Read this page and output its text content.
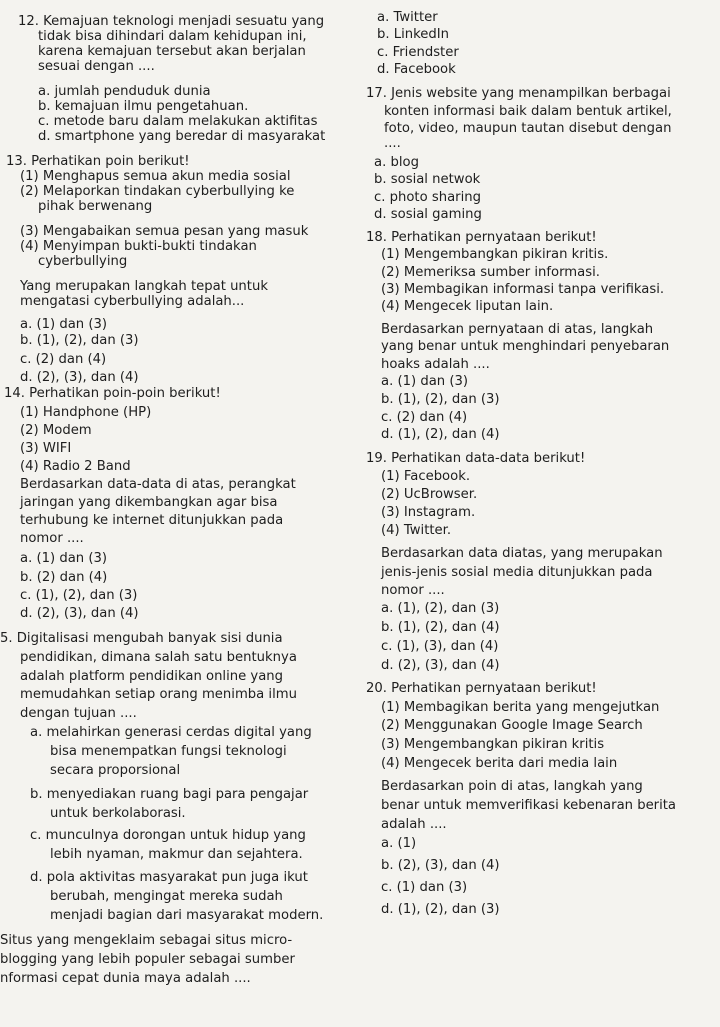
12. Kemajuan teknologi menjadi sesuatu yang
tidak bisa dihindari dalam kehidupan ini,
karena kemajuan tersebut akan berjalan
sesuai dengan ....
a. jumlah penduduk dunia
b. kemajuan ilmu pengetahuan.
c. metode baru dalam melakukan aktifitas
d. smartphone yang beredar di masyarakat
13. Perhatikan poin berikut!
(1) Menghapus semua akun media sosial
(2) Melaporkan tindakan cyberbullying ke
pihak berwenang
(3) Mengabaikan semua pesan yang masuk
(4) Menyimpan bukti-bukti tindakan
cyberbullying
Yang merupakan langkah tepat untuk
mengatasi cyberbullying adalah...
a. (1) dan (3)
b. (1), (2), dan (3)
c. (2) dan (4)
d. (2), (3), dan (4)
14. Perhatikan poin-poin berikut!
(1) Handphone (HP)
(2) Modem
(3) WIFI
(4) Radio 2 Band
Berdasarkan data-data di atas, perangkat
jaringan yang dikembangkan agar bisa
terhubung ke internet ditunjukkan pada
nomor ....
a. (1) dan (3)
b. (2) dan (4)
c. (1), (2), dan (3)
d. (2), (3), dan (4)
5. Digitalisasi mengubah banyak sisi dunia
pendidikan, dimana salah satu bentuknya
adalah platform pendidikan online yang
memudahkan setiap orang menimba ilmu
dengan tujuan ....
a. melahirkan generasi cerdas digital yang
bisa menempatkan fungsi teknologi
secara proporsional
b. menyediakan ruang bagi para pengajar
untuk berkolaborasi.
c. munculnya dorongan untuk hidup yang
lebih nyaman, makmur dan sejahtera.
d. pola aktivitas masyarakat pun juga ikut
berubah, mengingat mereka sudah
menjadi bagian dari masyarakat modern.
Situs yang mengeklaim sebagai situs micro-
blogging yang lebih populer sebagai sumber
nformasi cepat dunia maya adalah ....
a. Twitter
b. LinkedIn
c. Friendster
d. Facebook
17. Jenis website yang menampilkan berbagai
konten informasi baik dalam bentuk artikel,
foto, video, maupun tautan disebut dengan
....
a. blog
b. sosial netwok
c. photo sharing
d. sosial gaming
18. Perhatikan pernyataan berikut!
(1) Mengembangkan pikiran kritis.
(2) Memeriksa sumber informasi.
(3) Membagikan informasi tanpa verifikasi.
(4) Mengecek liputan lain.
Berdasarkan pernyataan di atas, langkah
yang benar untuk menghindari penyebaran
hoaks adalah ....
a. (1) dan (3)
b. (1), (2), dan (3)
c. (2) dan (4)
d. (1), (2), dan (4)
19. Perhatikan data-data berikut!
(1) Facebook.
(2) UcBrowser.
(3) Instagram.
(4) Twitter.
Berdasarkan data diatas, yang merupakan
jenis-jenis sosial media ditunjukkan pada
nomor ....
a. (1), (2), dan (3)
b. (1), (2), dan (4)
c. (1), (3), dan (4)
d. (2), (3), dan (4)
20. Perhatikan pernyataan berikut!
(1) Membagikan berita yang mengejutkan
(2) Menggunakan Google Image Search
(3) Mengembangkan pikiran kritis
(4) Mengecek berita dari media lain
Berdasarkan poin di atas, langkah yang
benar untuk memverifikasi kebenaran berita
adalah ....
a. (1)
b. (2), (3), dan (4)
c. (1) dan (3)
d. (1), (2), dan (3)
